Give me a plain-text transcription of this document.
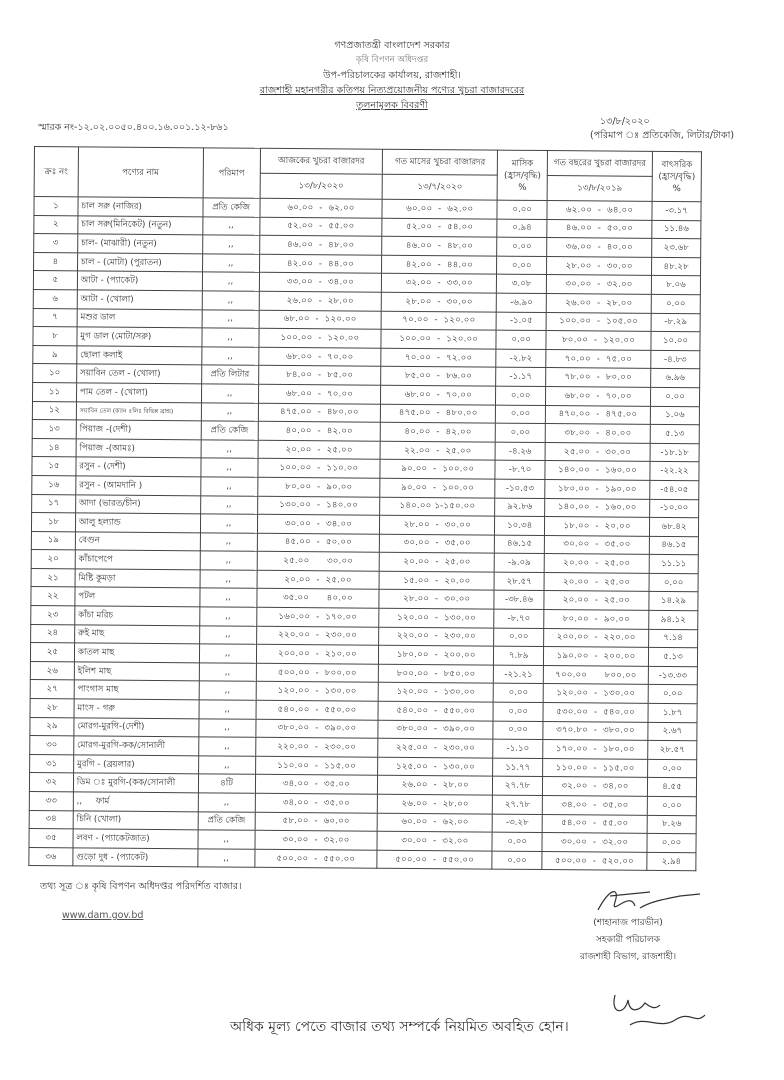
গণপ্রজাতন্ত্রী বাংলাদেশ সরকার
কৃষি বিপণন অধিদপ্তর
উপ-পরিচালকের কার্যালয়, রাজশাহী।
রাজশাহী মহানগরীর কতিপয় নিত্যপ্রয়োজনীয় পণ্যের খুচরা বাজারদরের
তুলনামূলক বিবরণী
স্মারক নং-১২.০২.০০৫০.৪০০.১৬.০০১.১২-৮৬১
১৩/৮/২০২০
(পরিমাপ ঃ প্রতিকেজি, লিটার/টাকা)
ক্রঃ নং	পণ্যের নাম	পরিমাপ	আজকের খুচরা বাজারদর	গত মাসের খুচরা বাজারদর	মাসিক (হ্রাস/বৃদ্ধি) %	গত বছরের খুচরা বাজারদর	বাৎসরিক (হ্রাস/বৃদ্ধি) %
			১৩/৮/২০২০	১৩/৭/২০২০		১৩/৮/২০১৯	
১	চাল সরু (নাজির)	প্রতি কেজি	৬০.০০  -  ৬২.০০	৬০.০০  -  ৬২.০০	০.০০	৬২.০০  -  ৬৪.০০	-৩.১৭
২	চাল সরু(মিনিকেট) (নতুন)	,,	৫২.০০  -  ৫৫.০০	৫২.০০  -  ৫৪.০০	০.৯৪	৪৬.০০  -  ৫০.০০	১১.৪৬
৩	চাল- (মাঝারী) (নতুন)	,,	৪৬.০০  -  ৪৮.০০	৪৬.০০  -  ৪৮.০০	০.০০	৩৬.০০  -  ৪০.০০	২৩.৬৮
৪	চাল - (মোটা) (পুরাতন)	,,	৪২.০০  -  ৪৪.০০	৪২.০০  -  ৪৪.০০	০.০০	২৮.০০  -  ৩০.০০	৪৮.২৮
৫	আটা - (প্যাকেট)	,,	৩৩.০০  -  ৩৪.০০	৩২.০০  -  ৩৩.০০	৩.০৮	৩০.০০  -  ৩২.০০	৮.০৬
৬	আটা - (খোলা)	,,	২৬.০০  -  ২৮.০০	২৮.০০  -  ৩০.০০	-৬.৯০	২৬.০০  -  ২৮.০০	০.০০
৭	মশুর ডাল	,,	৬৮.০০  -  ১২০.০০	৭০.০০  -  ১২০.০০	-১.০৫	১০০.০০  -  ১০৫.০০	-৮.২৯
৮	মুগ ডাল (মোটা/সরু)	,,	১০০.০০  -  ১২০.০০	১০০.০০  -  ১২০.০০	০.০০	৮০.০০  -  ১২০.০০	১০.০০
৯	ছোলা কলাই	,,	৬৮.০০  -  ৭০.০০	৭০.০০  -  ৭২.০০	-২.৮২	৭০.০০  -  ৭৫.০০	-৪.৮৩
১০	সয়াবিন তেল - (খোলা)	প্রতি লিটার	৮৪.০০  -  ৮৫.০০	৮৫.০০  -  ৮৬.০০	-১.১৭	৭৮.০০  -  ৮০.০০	৬.৯৬
১১	পাম তেল - (খোলা)	,,	৬৮.০০  -  ৭০.০০	৬৮.০০  -  ৭০.০০	০.০০	৬৮.০০  -  ৭০.০০	০.০০
১২	সয়াবিন তেল (ক্যান ৫লিঃ বিভিন্ন ব্রান্ড)	,,	৪৭৫.০০  -  ৪৮০.০০	৪৭৫.০০  -  ৪৮০.০০	০.০০	৪৭০.০০  -  ৪৭৫.০০	১.০৬
১৩	পিয়াজ -(দেশী)	প্রতি কেজি	৪০.০০  -  ৪২.০০	৪০.০০  -  ৪২.০০	০.০০	৩৮.০০  -  ৪০.০০	৫.১৩
১৪	পিয়াজ -(আমঃ)	,,	২০.০০  -  ২৫.০০	২২.০০  -  ২৫.০০	-৪.২৬	২৫.০০  -  ৩০.০০	-১৮.১৮
১৫	রসুন - (দেশী)	,,	১০০.০০  -  ১১০.০০	৯০.০০  -  ১০০.০০	-৮.৭০	১৪০.০০  -  ১৬০.০০	-২২.২২
১৬	রসুন - (আমদানি )	,,	৮০.০০  -  ৯০.০০	৯০.০০  -  ১০০.০০	-১০.৫৩	১৮০.০০  -  ১৯০.০০	-৫৪.০৫
১৭	আদা (ভারত/চীন)	,,	১৩০.০০  -  ১৪০.০০	১৪০.০০ ১-১৫০.০০	৯২.৮৬	১৪০.০০  -  ১৬০.০০	-১০.০০
১৮	আলু হল্যান্ড	,,	৩০.০০  -  ৩৪.০০	২৮.০০  -  ৩০.০০	১০.৩৪	১৮.০০  -  ২০.০০	৬৮.৪২
১৯	বেগুন	,,	৪৫.০০  -  ৫০.০০	৩০.০০  -  ৩৫.০০	৪৬.১৫	৩০.০০  -  ৩৫.০০	৪৬.১৫
২০	কাঁচাপেপে	,,	২৫.০০      ৩০.০০	২০.০০  -  ২৫.০০	-৯.০৯	২০.০০  -  ২৫.০০	১১.১১
২১	মিষ্টি কুমড়া	,,	২০.০০  -  ২৫.০০	১৫.০০  -  ২০.০০	২৮.৫৭	২০.০০  -  ২৫.০০	০.০০
২২	পটল	,,	৩৫.০০      ৪০.০০	২৮.০০  -  ৩০.০০	-৩৮.৪৬	২০.০০  -  ২৫.০০	১৪.২৯
২৩	কাঁচা মরিচ	,,	১৬০.০০  -  ১৭০.০০	১২০.০০  -  ১৩০.০০	-৮.৭০	৮০.০০  -  ৯০.০০	৯৪.১২
২৪	রুই মাছ	,,	২২০.০০  -  ২৩০.০০	২২০.০০  -  ২৩০.০০	০.০০	২০০.০০  -  ২২০.০০	৭.১৪
২৫	কাতল মাছ	,,	২০০.০০  -  ২১০.০০	১৮০.০০  -  ২০০.০০	৭.৮৯	১৯০.০০  -  ২০০.০০	৫.১৩
২৬	ইলিশ মাছ	,,	৫০০.০০  -  ৮০০.০০	৮০০.০০  -  ৮৫০.০০	-২১.২১	৭০০.০০      ৮০০.০০	-১৩.৩৩
২৭	পাংগাস মাছ	,,	১২০.০০  -  ১৩০.০০	১২০.০০  -  ১৩০.০০	০.০০	১২০.০০  -  ১৩০.০০	০.০০
২৮	মাংস - গরু	,,	৫৪০.০০  -  ৫৫০.০০	৫৪০.০০  -  ৫৫০.০০	০.০০	৫৩০.০০  -  ৫৪০.০০	১.৮৭
২৯	মোরগ-মুরগি-(দেশী)	,,	৩৮০.০০  -  ৩৯০.০০	৩৮০.০০  -  ৩৯০.০০	০.০০	৩৭০.৮০  -  ৩৮০.০০	২.৬৭
৩০	মোরগ-মুরগি-কক/সোনালী	,,	২২০.০০  -  ২৩০.০০	২২৫.০০  -  ২৩০.০০	-১.১০	১৭০.০০  -  ১৮০.০০	২৮.৫৭
৩১	মুরগি - (ব্রয়লার)	,,	১১০.০০  -  ১১৫.০০	১২৫.০০  -  ১৩০.০০	১১.৭৭	১১০.০০  -  ১১৫.০০	০.০০
৩২	ডিম ঃ মুরগি-(কক/সোনালী	৪টি	৩৪.০০  -  ৩৫.০০	২৬.০০  -  ২৮.০০	২৭.৭৮	৩২.০০  -  ৩৪.০০	৪.৫৫
৩৩	,,     ফার্ম	,,	৩৪.০০  -  ৩৫.০০	২৬.০০  -  ২৮.০০	২৭.৭৮	৩৪.০০  -  ৩৫.০০	০.০০
৩৪	চিনি (খোলা)	প্রতি কেজি	৫৮.০০  -  ৬০.০০	৬০.০০  -  ৬২.০০	-৩.২৮	৫৪.০০  -  ৫৫.০০	৮.২৬
৩৫	লবণ - (প্যাকেটজাত)	,,	৩০.০০  -  ৩২.০০	৩০.০০  -  ৩২.০০	০.০০	৩০.০০  -  ৩২.০০	০.০০
৩৬	গুড়ো দুধ - (প্যাকেট)	,,	৫০০.০০  -  ৫৫০.০০	৫০০.০০  -  ৫৫০.০০	০.০০	৫০০.০০  -  ৫২০.০০	২.৯৪
তথ্য সূত্র ঃ কৃষি বিপণন অধিদপ্তর পরিদর্শিত বাজার।
www.dam.gov.bd
(শাহানাজ পারভীন)
সহকারী পরিচালক
রাজশাহী বিভাগ, রাজশাহী।
অধিক মূল্য পেতে বাজার তথ্য সম্পর্কে নিয়মিত অবহিত হোন।
